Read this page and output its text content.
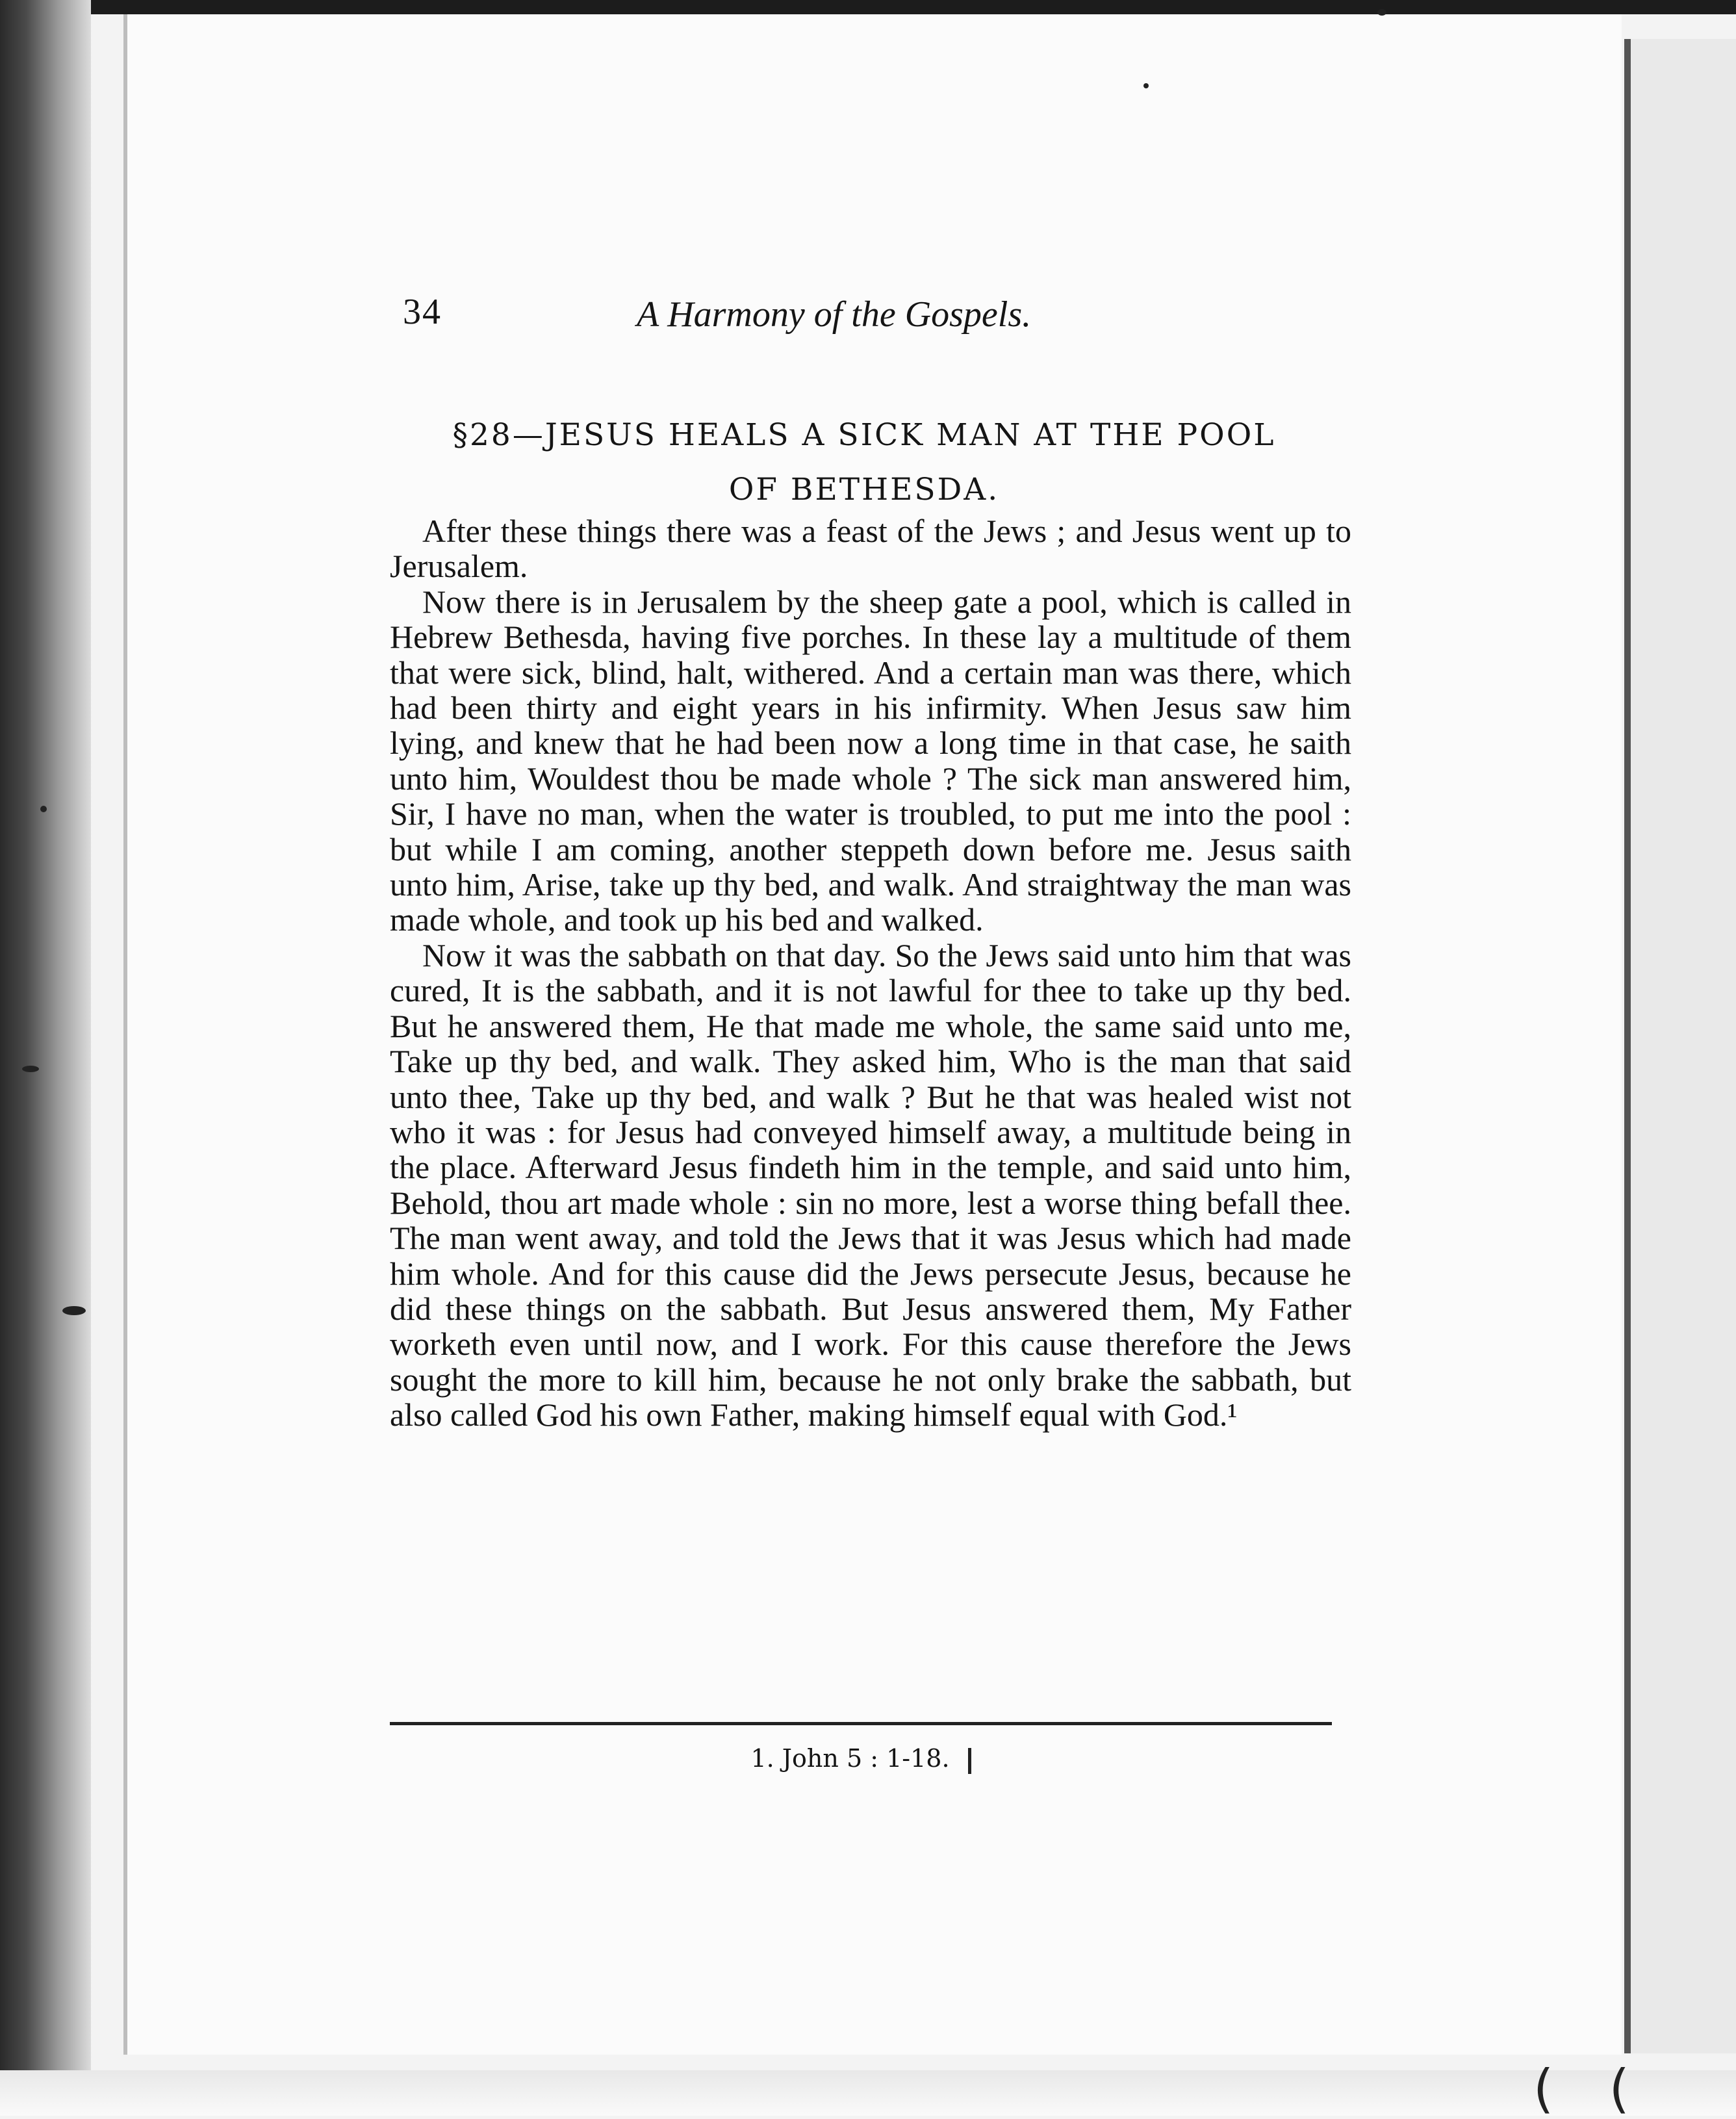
34	A Harmony of the Gospels.
§28—JESUS HEALS A SICK MAN AT THE POOL
OF BETHESDA.

After these things there was a feast of the Jews ; and Jesus went up to Jerusalem.

Now there is in Jerusalem by the sheep gate a pool, which is called in Hebrew Bethesda, having five porches. In these lay a multitude of them that were sick, blind, halt, withered. And a certain man was there, which had been thirty and eight years in his infirmity. When Jesus saw him lying, and knew that he had been now a long time in that case, he saith unto him, Wouldest thou be made whole ? The sick man answered him, Sir, I have no man, when the water is troubled, to put me into the pool : but while I am coming, another steppeth down before me. Jesus saith unto him, Arise, take up thy bed, and walk. And straightway the man was made whole, and took up his bed and walked.

Now it was the sabbath on that day. So the Jews said unto him that was cured, It is the sabbath, and it is not lawful for thee to take up thy bed. But he answered them, He that made me whole, the same said unto me, Take up thy bed, and walk. They asked him, Who is the man that said unto thee, Take up thy bed, and walk ? But he that was healed wist not who it was : for Jesus had conveyed himself away, a multitude being in the place. Afterward Jesus findeth him in the temple, and said unto him, Behold, thou art made whole : sin no more, lest a worse thing befall thee. The man went away, and told the Jews that it was Jesus which had made him whole. And for this cause did the Jews persecute Jesus, because he did these things on the sabbath. But Jesus answered them, My Father worketh even until now, and I work. For this cause therefore the Jews sought the more to kill him, because he not only brake the sabbath, but also called God his own Father, making himself equal with God.¹

1. John 5 : 1-18.
( (
